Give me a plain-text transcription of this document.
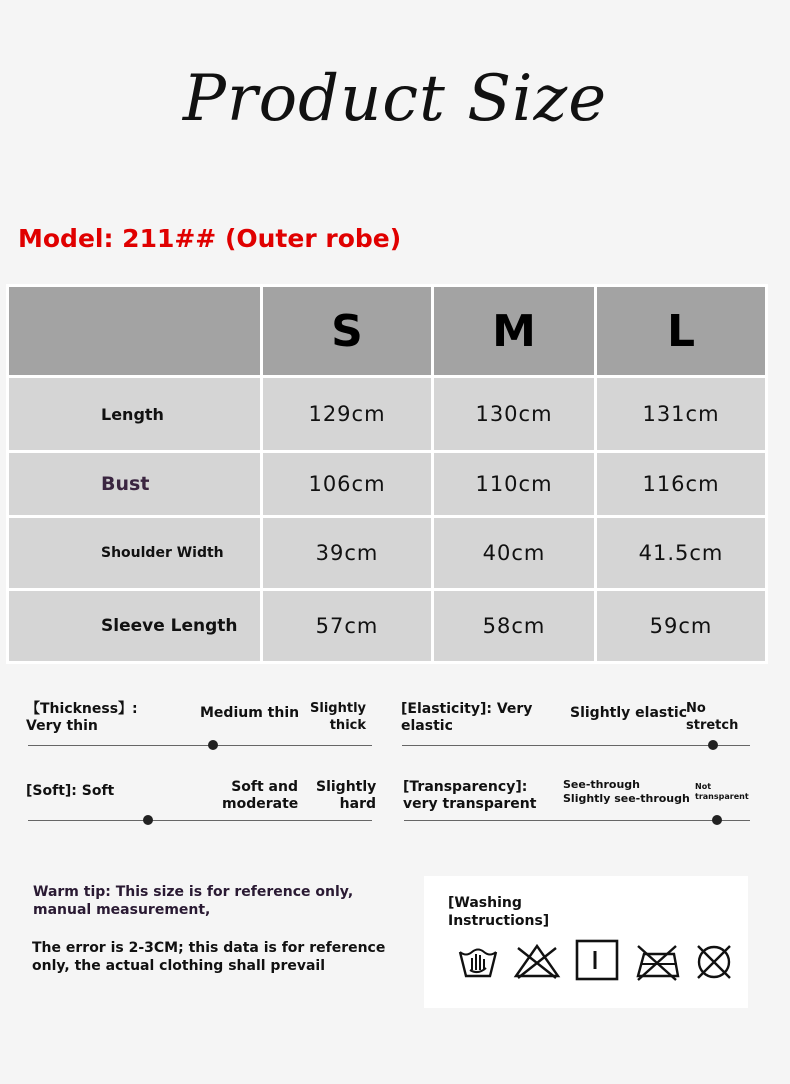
Product Size
Model: 211## (Outer robe)
	S	M	L

Length	129cm	130cm	131cm

Bust	106cm	110cm	116cm

Shoulder Width	39cm	40cm	41.5cm

Sleeve Length	57cm	58cm	59cm
【Thickness】: Very thin
Medium thin Slightly thick
[Elasticity]: Very elastic
Slightly elastic
No stretch
[Soft]: Soft	Soft and moderate
Slightly hard
[Transparency]: very transparent
See-through
Slightly see-through
Not
transparent
Warm tip: This size is for reference only,
manual measurement,
The error is 2-3CM; this data is for reference
only, the actual clothing shall prevail
[Washing
Instructions]
